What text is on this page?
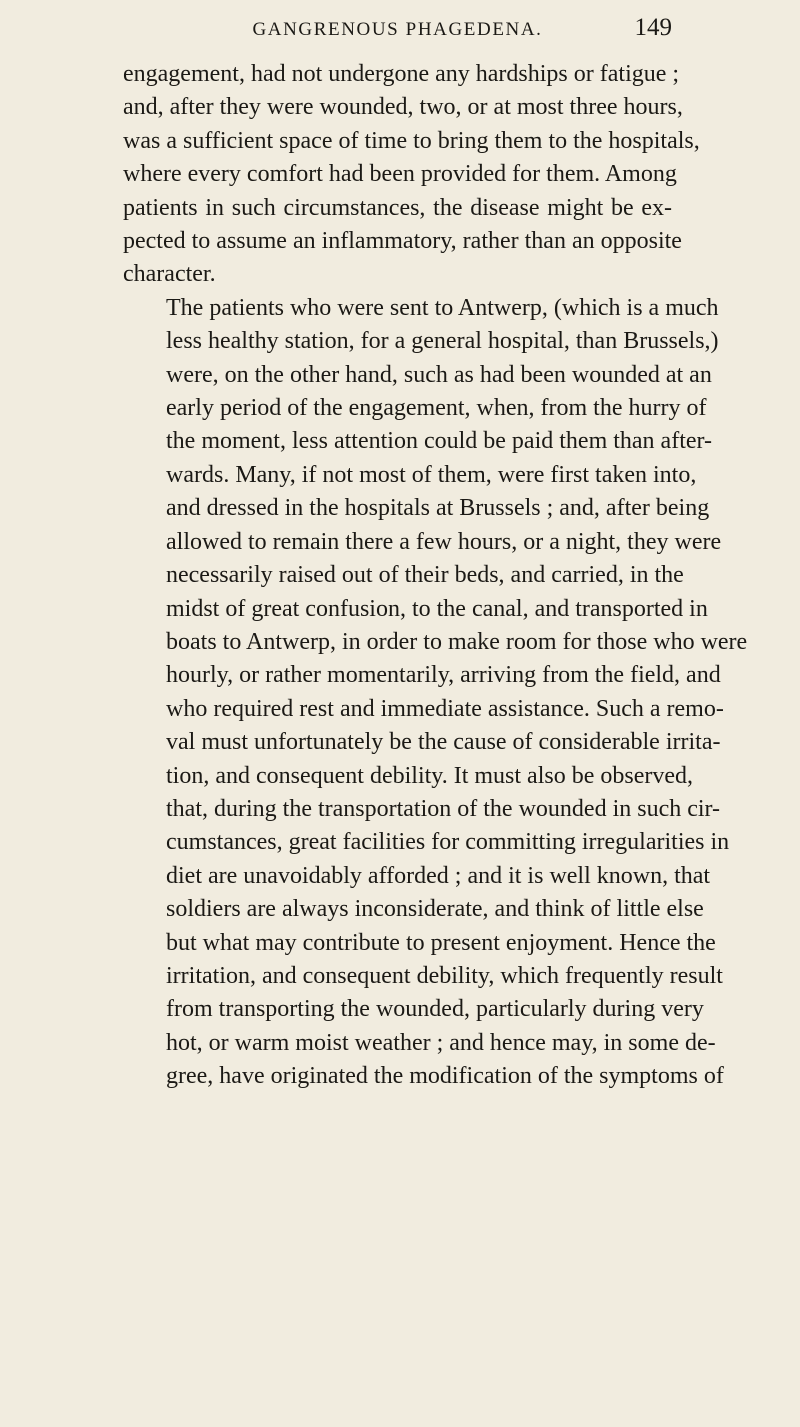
GANGRENOUS PHAGEDENA.	149

engagement, had not undergone any hardships or fatigue ;
and, after they were wounded, two, or at most three hours,
was a sufficient space of time to bring them to the hospitals,
where every comfort had been provided for them. Among
patients in such circumstances, the disease might be ex-
pected to assume an inflammatory, rather than an opposite
character.

The patients who were sent to Antwerp, (which is a much
less healthy station, for a general hospital, than Brussels,)
were, on the other hand, such as had been wounded at an
early period of the engagement, when, from the hurry of
the moment, less attention could be paid them than after-
wards. Many, if not most of them, were first taken into,
and dressed in the hospitals at Brussels ; and, after being
allowed to remain there a few hours, or a night, they were
necessarily raised out of their beds, and carried, in the
midst of great confusion, to the canal, and transported in
boats to Antwerp, in order to make room for those who were
hourly, or rather momentarily, arriving from the field, and
who required rest and immediate assistance. Such a remo-
val must unfortunately be the cause of considerable irrita-
tion, and consequent debility. It must also be observed,
that, during the transportation of the wounded in such cir-
cumstances, great facilities for committing irregularities in
diet are unavoidably afforded ; and it is well known, that
soldiers are always inconsiderate, and think of little else
but what may contribute to present enjoyment. Hence the
irritation, and consequent debility, which frequently result
from transporting the wounded, particularly during very
hot, or warm moist weather ; and hence may, in some de-
gree, have originated the modification of the symptoms of
